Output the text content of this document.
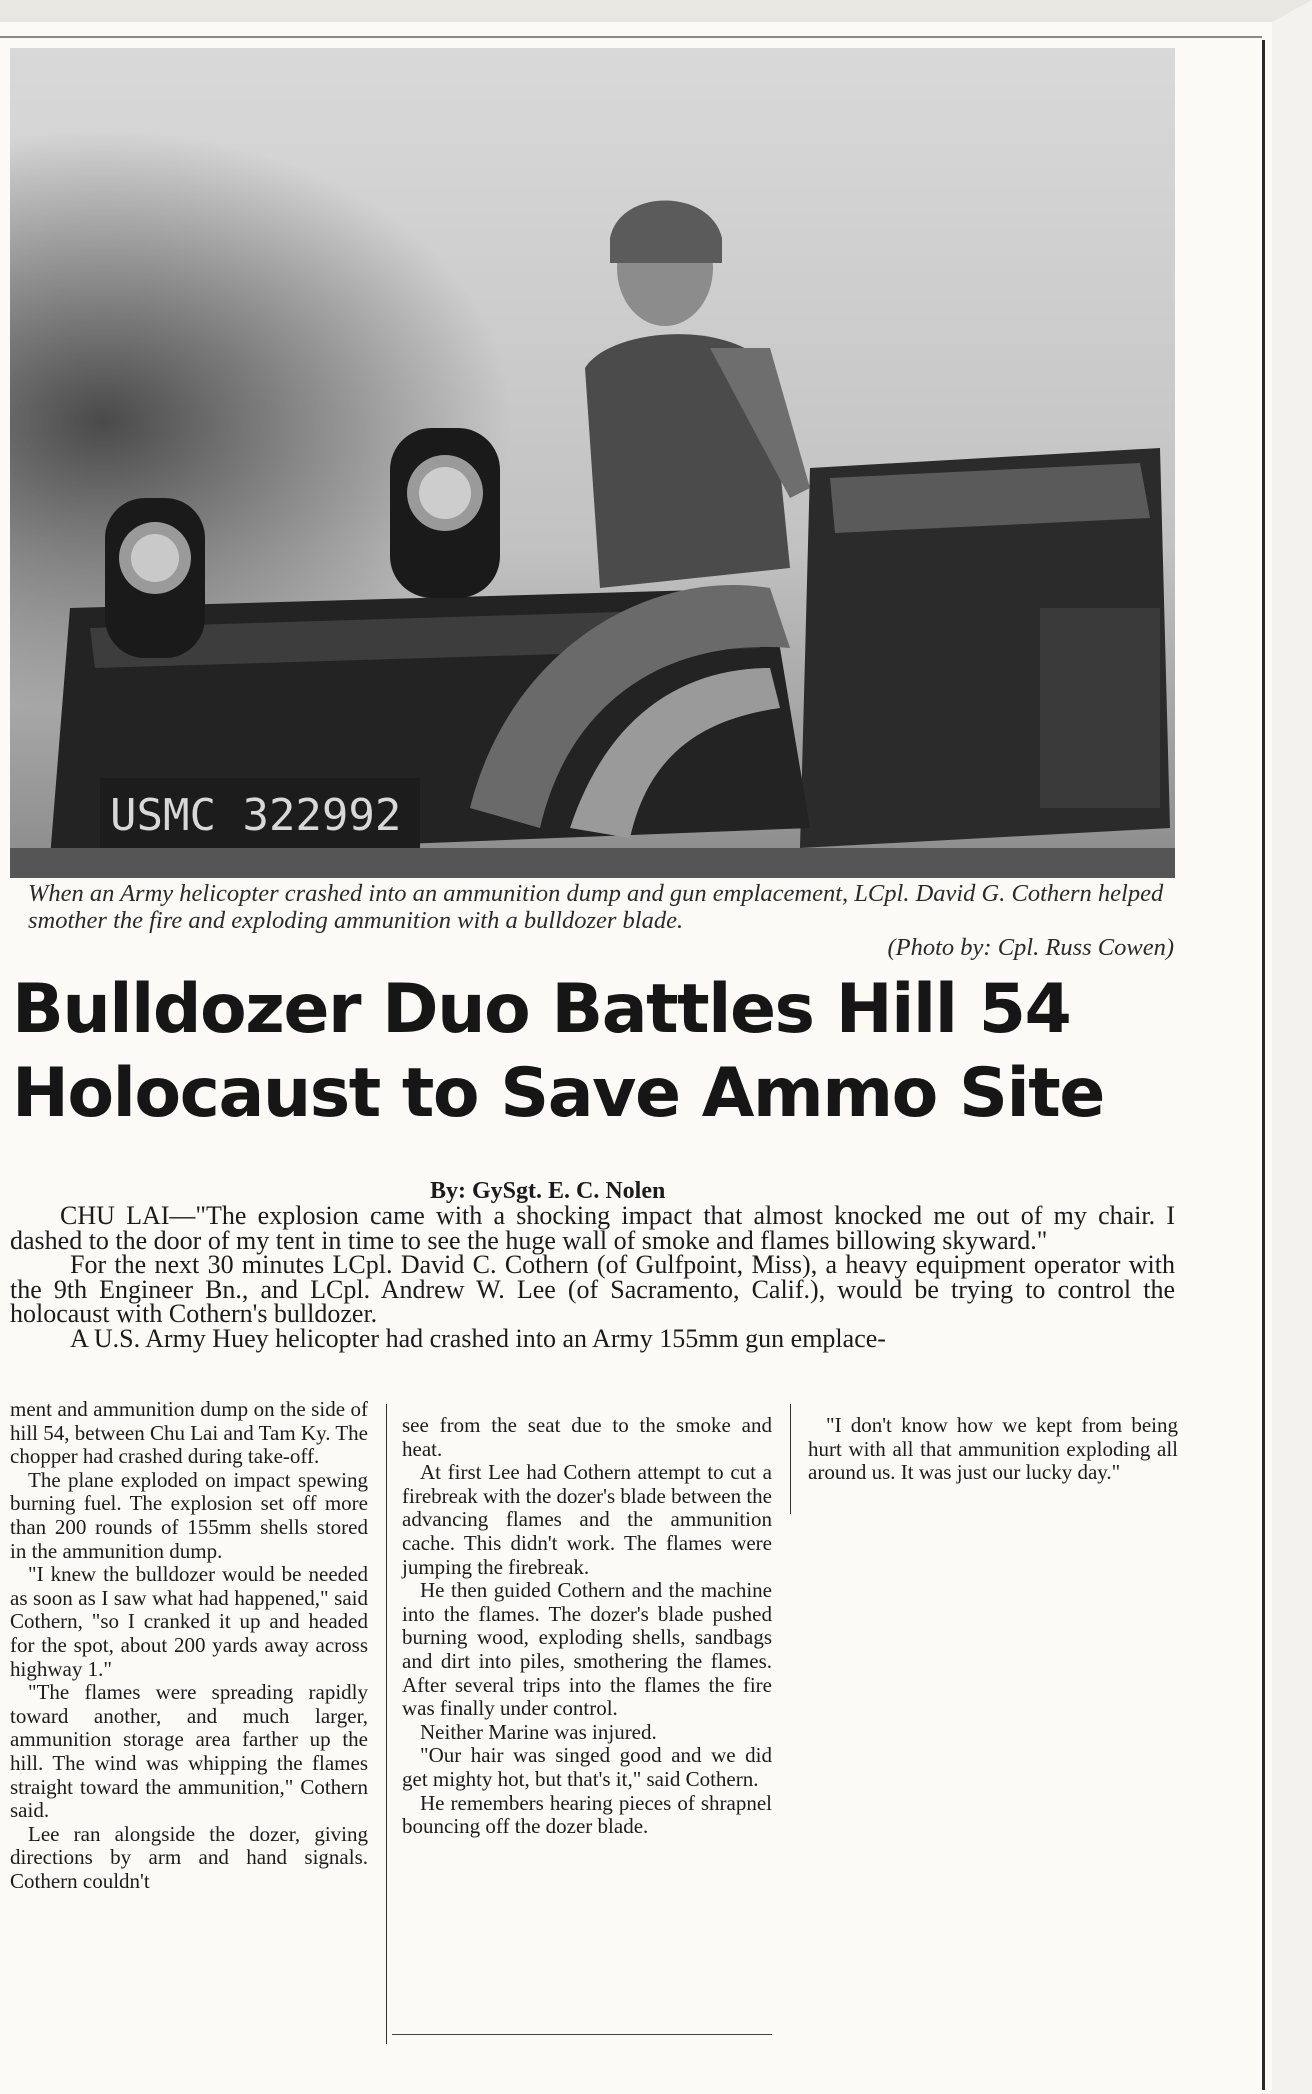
USMC 322992
When an Army helicopter crashed into an ammunition dump and gun emplacement, LCpl. David G. Cothern helped smother the fire and exploding ammunition with a bulldozer blade.
(Photo by: Cpl. Russ Cowen)
Bulldozer Duo Battles Hill 54
Holocaust to Save Ammo Site
By: GySgt. E. C. Nolen

CHU LAI—"The explosion came with a shocking impact that almost knocked me out of my chair. I dashed to the door of my tent in time to see the huge wall of smoke and flames billowing skyward."

For the next 30 minutes LCpl. David C. Cothern (of Gulfpoint, Miss), a heavy equipment operator with the 9th Engineer Bn., and LCpl. Andrew W. Lee (of Sacramento, Calif.), would be trying to control the holocaust with Cothern's bulldozer.

A U.S. Army Huey helicopter had crashed into an Army 155mm gun emplace-

ment and ammunition dump on the side of hill 54, between Chu Lai and Tam Ky. The chopper had crashed during take-off.

The plane exploded on impact spewing burning fuel. The explosion set off more than 200 rounds of 155mm shells stored in the ammunition dump.

"I knew the bulldozer would be needed as soon as I saw what had happened," said Cothern, "so I cranked it up and headed for the spot, about 200 yards away across highway 1."

"The flames were spreading rapidly toward another, and much larger, ammunition storage area farther up the hill. The wind was whipping the flames straight toward the ammunition," Cothern said.

Lee ran alongside the dozer, giving directions by arm and hand signals. Cothern couldn't

see from the seat due to the smoke and heat.

At first Lee had Cothern attempt to cut a firebreak with the dozer's blade between the advancing flames and the ammunition cache. This didn't work. The flames were jumping the firebreak.

He then guided Cothern and the machine into the flames. The dozer's blade pushed burning wood, exploding shells, sandbags and dirt into piles, smothering the flames. After several trips into the flames the fire was finally under control.

Neither Marine was injured.

"Our hair was singed good and we did get mighty hot, but that's it," said Cothern.

He remembers hearing pieces of shrapnel bouncing off the dozer blade.

"I don't know how we kept from being hurt with all that ammunition exploding all around us. It was just our lucky day."
